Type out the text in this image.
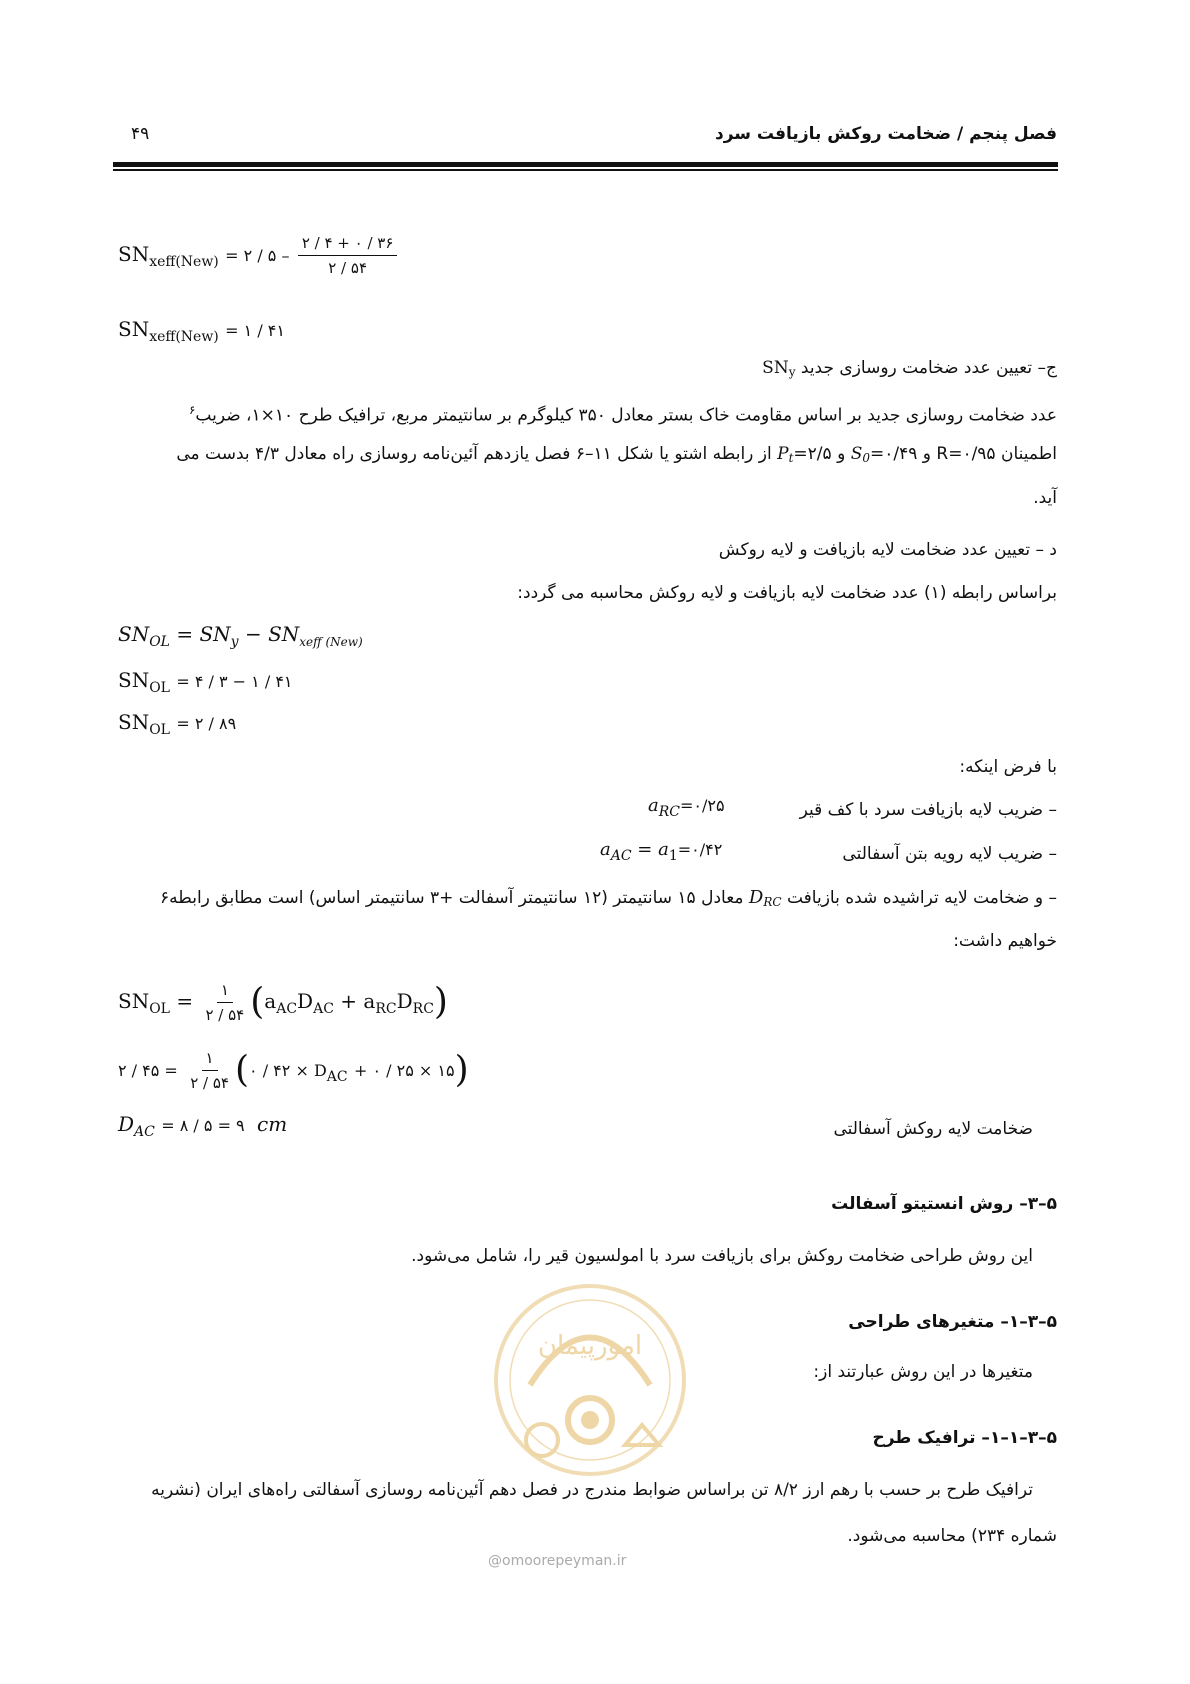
فصل پنجم / ضخامت روکش بازیافت سرد
۴۹
$SN_{xeff(New)}$ = ۲ / ۵ – $\frac{۲ / ۴ + ۰ / ۳۶}{۲ / ۵۴}$
$SN_{xeff(New)}$ = ۱ / ۴۱
ج– تعیین عدد ضخامت روسازی جدید SNy
عدد ضخامت روسازی جدید بر اساس مقاومت خاک بستر معادل ۳۵۰ کیلوگرم بر سانتیمتر مربع، ترافیک طرح ۱۰×۱، ضریب$^۶$
اطمینان R=۰/۹۵ و S0=۰/۴۹ و Pt=۲/۵ از رابطه اشتو یا شکل ۱۱–۶ فصل یازدهم آئین‌نامه روسازی راه معادل ۴/۳ بدست می
آید.
د – تعیین عدد ضخامت لایه بازیافت و لایه روکش
براساس رابطه (۱) عدد ضخامت لایه بازیافت و لایه روکش محاسبه می گردد:
$SN_{OL} = SN_y - SN_{xeff (New)}$
$SN_{OL}$ = ۴ / ۳ − ۱ / ۴۱
$SN_{OL}$ = ۲ / ۸۹
با فرض اینکه:
– ضریب لایه بازیافت سرد با کف قیر
$a_{RC}=۰/۲۵$
– ضریب لایه رویه بتن آسفالتی
$a_{AC}$ = $a_1=۰/۴۲$
– و ضخامت لایه تراشیده شده بازیافت DRC معادل ۱۵ سانتیمتر (۱۲ سانتیمتر آسفالت +۳ سانتیمتر اساس) است مطابق رابطه۶
خواهیم داشت:
$SN_{OL} = \frac{۱}{۲ / ۵۴} (a_{AC}D_{AC} + a_{RC}D_{RC})$
۲ / ۴۵ = $\frac{۱}{۲ / ۵۴}$ (۰ / ۴۲ × $D_{AC}$ + ۰ / ۲۵ × ۱۵)
$D_{AC}$ = ۸ / ۵ = ۹ cm	ضخامت لایه روکش آسفالتی
۵–۳– روش انستیتو آسفالت
این روش طراحی ضخامت روکش برای بازیافت سرد با امولسیون قیر را، شامل می‌شود.
۵–۳–۱– متغیرهای طراحی
متغیرها در این روش عبارتند از:
۵–۳–۱–۱– ترافیک طرح
ترافیک طرح بر حسب با رهم ارز ۸/۲ تن براساس ضوابط مندرج در فصل دهم آئین‌نامه روسازی آسفالتی راه‌های ایران (نشریه
شماره ۲۳۴) محاسبه می‌شود.
امورپیمان
@omoorepeyman.ir
